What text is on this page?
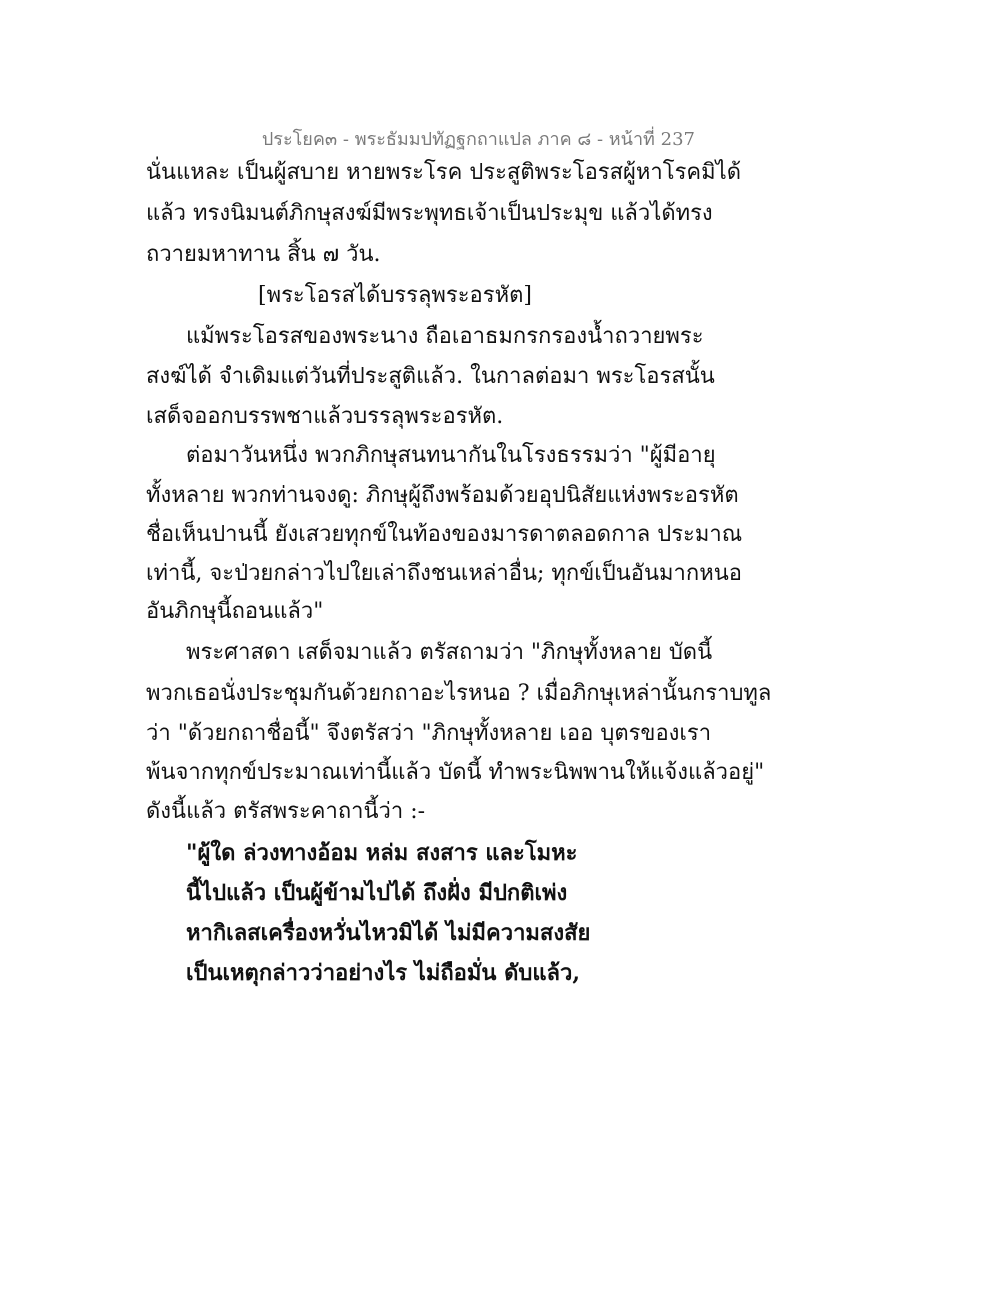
ประโยค๓ - พระธัมมปทัฏฐกถาแปล ภาค ๘ - หน้าที่ 237
นั่นแหละ เป็นผู้สบาย หายพระโรค ประสูติพระโอรสผู้หาโรคมิได้
แล้ว ทรงนิมนต์ภิกษุสงฆ์มีพระพุทธเจ้าเป็นประมุข แล้วได้ทรง
ถวายมหาทาน สิ้น ๗ วัน.
[พระโอรสได้บรรลุพระอรหัต]
แม้พระโอรสของพระนาง ถือเอาธมกรกรองน้ำถวายพระ
สงฆ์ได้ จำเดิมแต่วันที่ประสูติแล้ว. ในกาลต่อมา พระโอรสนั้น
เสด็จออกบรรพชาแล้วบรรลุพระอรหัต.
ต่อมาวันหนึ่ง พวกภิกษุสนทนากันในโรงธรรมว่า "ผู้มีอายุ
ทั้งหลาย พวกท่านจงดู: ภิกษุผู้ถึงพร้อมด้วยอุปนิสัยแห่งพระอรหัต
ชื่อเห็นปานนี้ ยังเสวยทุกข์ในท้องของมารดาตลอดกาล ประมาณ
เท่านี้, จะป่วยกล่าวไปใยเล่าถึงชนเหล่าอื่น; ทุกข์เป็นอันมากหนอ
อันภิกษุนี้ถอนแล้ว"
พระศาสดา เสด็จมาแล้ว ตรัสถามว่า "ภิกษุทั้งหลาย บัดนี้
พวกเธอนั่งประชุมกันด้วยกถาอะไรหนอ ? เมื่อภิกษุเหล่านั้นกราบทูล
ว่า "ด้วยกถาชื่อนี้" จึงตรัสว่า "ภิกษุทั้งหลาย เออ บุตรของเรา
พ้นจากทุกข์ประมาณเท่านี้แล้ว บัดนี้ ทำพระนิพพานให้แจ้งแล้วอยู่"
ดังนี้แล้ว ตรัสพระคาถานี้ว่า :-
"ผู้ใด ล่วงทางอ้อม หล่ม สงสาร และโมหะ
นี้ไปแล้ว เป็นผู้ข้ามไปได้ ถึงฝั่ง มีปกติเพ่ง
หากิเลสเครื่องหวั่นไหวมิได้ ไม่มีความสงสัย
เป็นเหตุกล่าวว่าอย่างไร ไม่ถือมั่น ดับแล้ว,
